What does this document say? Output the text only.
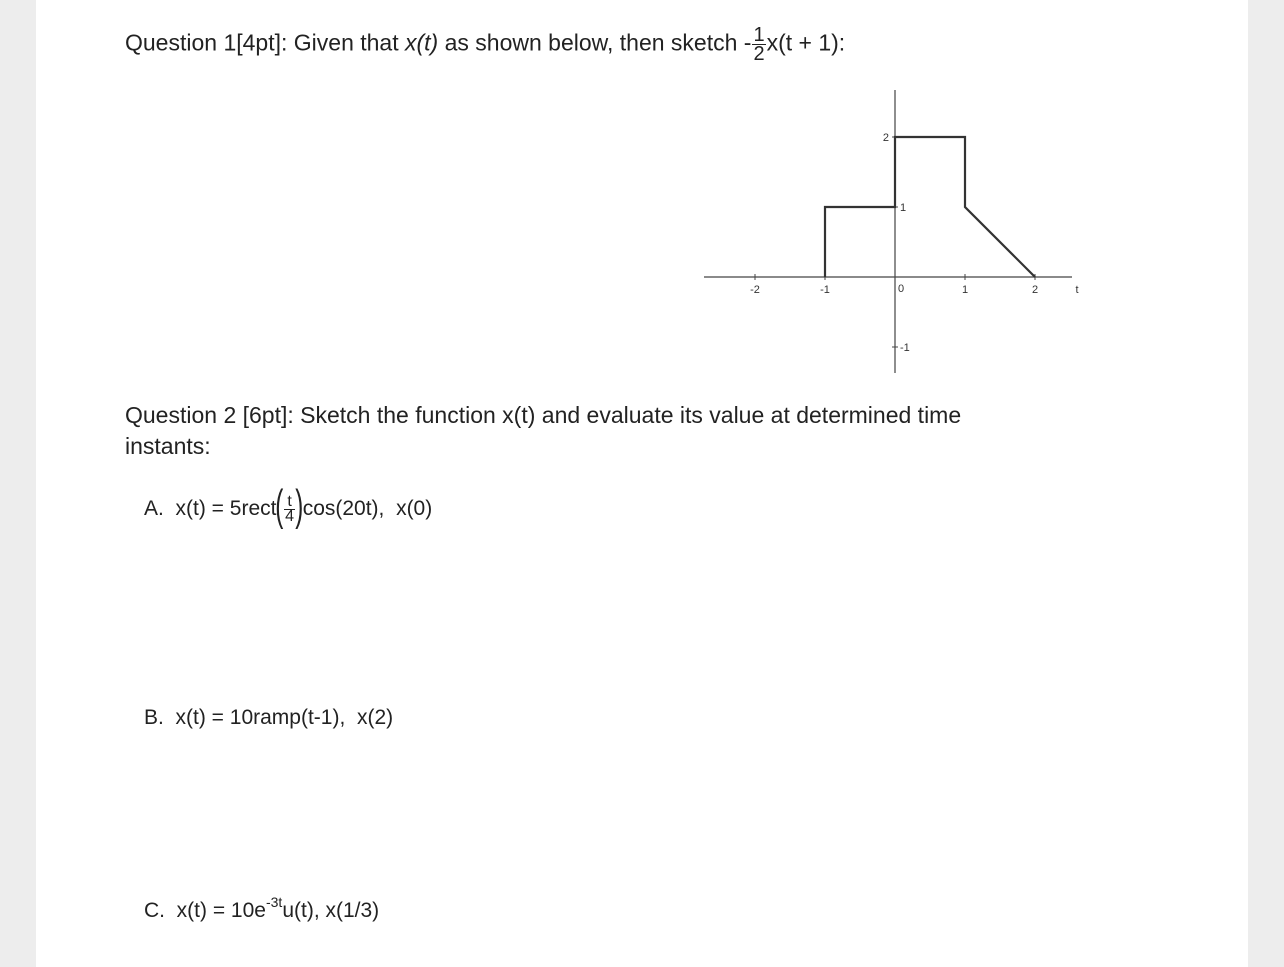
Question 1[4pt]: Given that x(t) as shown below, then sketch - $\frac{1}{2} x(t + 1)$:
Question 2 [6pt]: Sketch the function x(t) and evaluate its value at determined time
instants:
A. x(t) = 5rect( $\frac{t}{4} )\cos(20t)$, x(0)
B. x(t) = 10ramp(t-1), x(2)
C. $x(t) = 10e^{-3t}u(t)$, x(1/3)
-2	-1	0	1	2	t
2
1
-1
